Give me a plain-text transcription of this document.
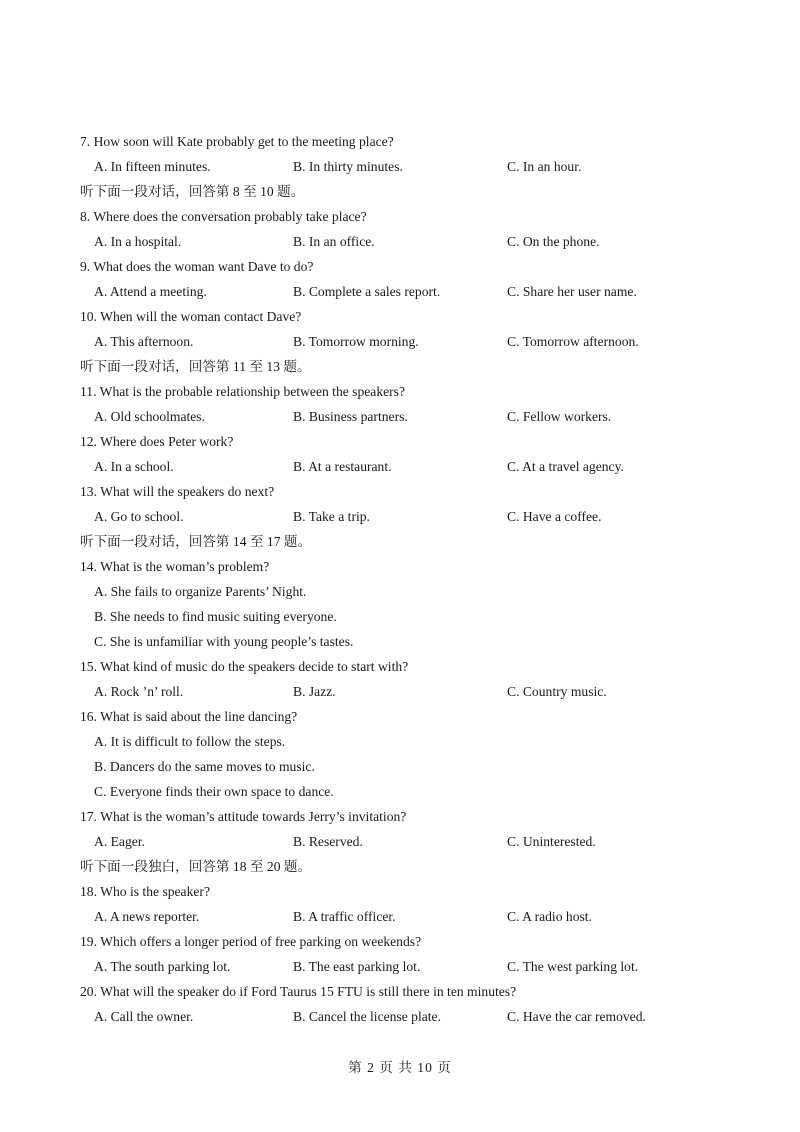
7. How soon will Kate probably get to the meeting place?
A. In fifteen minutes.	B. In thirty minutes.	C. In an hour.
听下面一段对话，回答第 8 至 10 题。
8. Where does the conversation probably take place?
A. In a hospital.	B. In an office.	C. On the phone.
9. What does the woman want Dave to do?
A. Attend a meeting.	B. Complete a sales report.	C. Share her user name.
10. When will the woman contact Dave?
A. This afternoon.	B. Tomorrow morning.	C. Tomorrow afternoon.
听下面一段对话，回答第 11 至 13 题。
11. What is the probable relationship between the speakers?
A. Old schoolmates.	B. Business partners.	C. Fellow workers.
12. Where does Peter work?
A. In a school.	B. At a restaurant.	C. At a travel agency.
13. What will the speakers do next?
A. Go to school.	B. Take a trip.	C. Have a coffee.
听下面一段对话，回答第 14 至 17 题。
14. What is the woman’s problem?
A. She fails to organize Parents’ Night.
B. She needs to find music suiting everyone.
C. She is unfamiliar with young people’s tastes.
15. What kind of music do the speakers decide to start with?
A. Rock ’n’ roll.	B. Jazz.	C. Country music.
16. What is said about the line dancing?
A. It is difficult to follow the steps.
B. Dancers do the same moves to music.
C. Everyone finds their own space to dance.
17. What is the woman’s attitude towards Jerry’s invitation?
A. Eager.	B. Reserved.	C. Uninterested.
听下面一段独白，回答第 18 至 20 题。
18. Who is the speaker?
A. A news reporter.	B. A traffic officer.	C. A radio host.
19. Which offers a longer period of free parking on weekends?
A. The south parking lot.	B. The east parking lot.	C. The west parking lot.
20. What will the speaker do if Ford Taurus 15 FTU is still there in ten minutes?
A. Call the owner.	B. Cancel the license plate.	C. Have the car removed.
第 2 页 共 10 页
